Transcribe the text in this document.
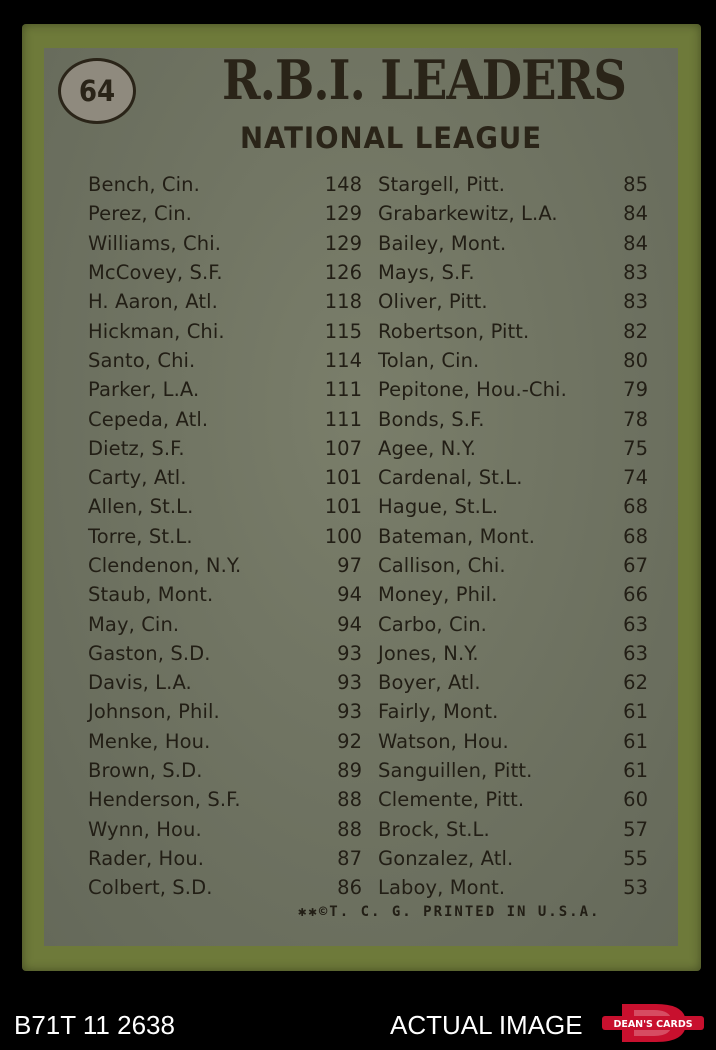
64 R.B.I. LEADERS
NATIONAL LEAGUE
Bench, Cin.	148
Perez, Cin.	129
Williams, Chi.	129
McCovey, S.F.	126
H. Aaron, Atl.	118
Hickman, Chi.	115
Santo, Chi.	114
Parker, L.A.	111
Cepeda, Atl.	111
Dietz, S.F.	107
Carty, Atl.	101
Allen, St.L.	101
Torre, St.L.	100
Clendenon, N.Y.	97
Staub, Mont.	94
May, Cin.	94
Gaston, S.D.	93
Davis, L.A.	93
Johnson, Phil.	93
Menke, Hou.	92
Brown, S.D.	89
Henderson, S.F.	88
Wynn, Hou.	88
Rader, Hou.	87
Colbert, S.D.	86
Stargell, Pitt.	85
Grabarkewitz, L.A.	84
Bailey, Mont.	84
Mays, S.F.	83
Oliver, Pitt.	83
Robertson, Pitt.	82
Tolan, Cin.	80
Pepitone, Hou.-Chi.	79
Bonds, S.F.	78
Agee, N.Y.	75
Cardenal, St.L.	74
Hague, St.L.	68
Bateman, Mont.	68
Callison, Chi.	67
Money, Phil.	66
Carbo, Cin.	63
Jones, N.Y.	63
Boyer, Atl.	62
Fairly, Mont.	61
Watson, Hou.	61
Sanguillen, Pitt.	61
Clemente, Pitt.	60
Brock, St.L.	57
Gonzalez, Atl.	55
Laboy, Mont.	53
✱✱©T. C. G. PRINTED IN U.S.A.
B71T 11 2638	ACTUAL IMAGE	DEAN'S CARDS
